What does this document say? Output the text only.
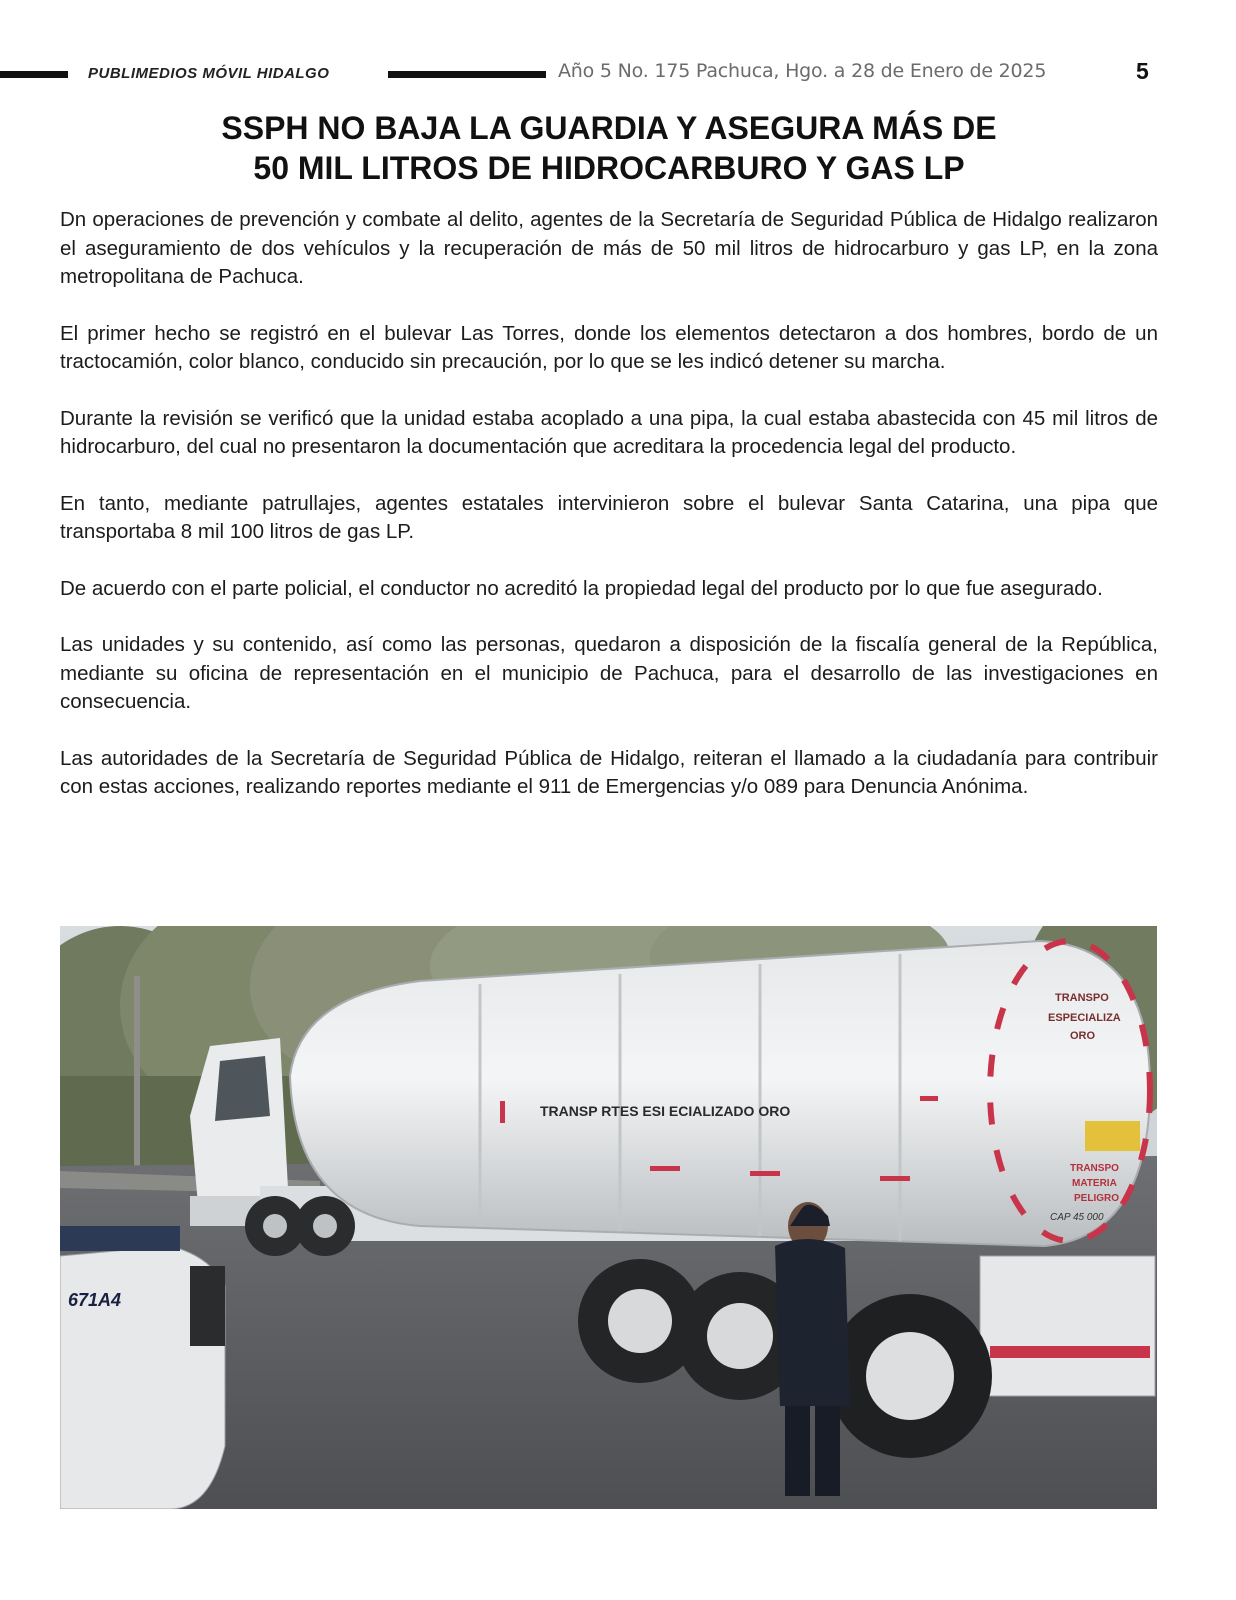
PUBLIMEDIOS MÓVIL HIDALGO	Año 5 No. 175 Pachuca, Hgo. a 28 de Enero de 2025	5
SSPH NO BAJA LA GUARDIA Y ASEGURA MÁS DE
50 MIL LITROS DE HIDROCARBURO Y GAS LP

Dn operaciones de prevención y combate al delito, agentes de la Secretaría de Seguridad Pública de Hidalgo realizaron el aseguramiento de dos vehículos y la recuperación de más de 50 mil litros de hidrocarburo y gas LP, en la zona metropolitana de Pachuca.

El primer hecho se registró en el bulevar Las Torres, donde los elementos detectaron a dos hombres, bordo de un tractocamión, color blanco, conducido sin precaución, por lo que se les indicó detener su marcha.

Durante la revisión se verificó que la unidad estaba acoplado a una pipa, la cual estaba abastecida con 45 mil litros de hidrocarburo, del cual no presentaron la documentación que acreditara la procedencia legal del producto.

En tanto, mediante patrullajes, agentes estatales intervinieron sobre el bulevar Santa Catarina, una pipa que transportaba 8 mil 100 litros de gas LP.

De acuerdo con el parte policial, el conductor no acreditó la propiedad legal del producto por lo que fue asegurado.

Las unidades y su contenido, así como las personas, quedaron a disposición de la fiscalía general de la República, mediante su oficina de representación en el municipio de Pachuca, para el desarrollo de las investigaciones en consecuencia.

Las autoridades de la Secretaría de Seguridad Pública de Hidalgo, reiteran el llamado a la ciudadanía para contribuir con estas acciones, realizando reportes mediante el 911 de Emergencias y/o 089 para Denuncia Anónima.

TRANSP RTES ESI ECIALIZADO ORO
TRANSPO
ESPECIALIZA
ORO
TRANSPO
MATERIA
PELIGRO
CAP 45 000
671A4
